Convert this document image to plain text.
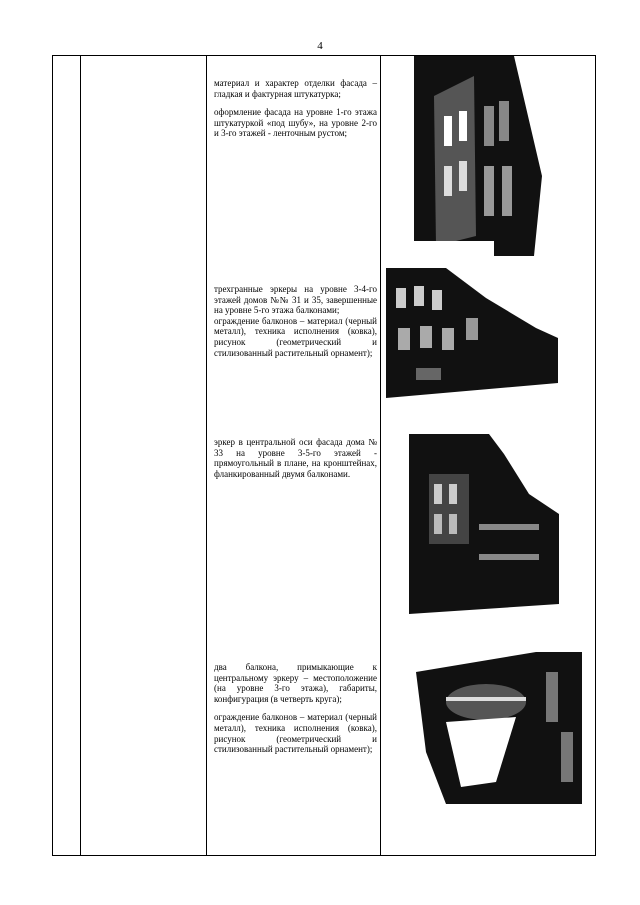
4

материал и характер отделки фасада – гладкая и фактурная штукатурка;

оформление фасада на уровне 1-го этажа штукатуркой «под шубу», на уровне 2-го и 3-го этажей - ленточным рустом;

трехгранные эркеры на уровне 3-4-го этажей домов №№ 31 и 35, завершенные на уровне 5-го этажа балконами;
ограждение балконов – материал (черный металл), техника исполнения (ковка), рисунок (геометрический и стилизованный растительный орнамент);

эркер в центральной оси фасада дома № 33 на уровне 3-5-го этажей - прямоугольный в плане, на кронштейнах, фланкированный двумя балконами.

два балкона, примыкающие к центральному эркеру – местоположение (на уровне 3-го этажа), габариты, конфигурация (в четверть круга);

ограждение балконов – материал (черный металл), техника исполнения (ковка), рисунок (геометрический и стилизованный растительный орнамент);
